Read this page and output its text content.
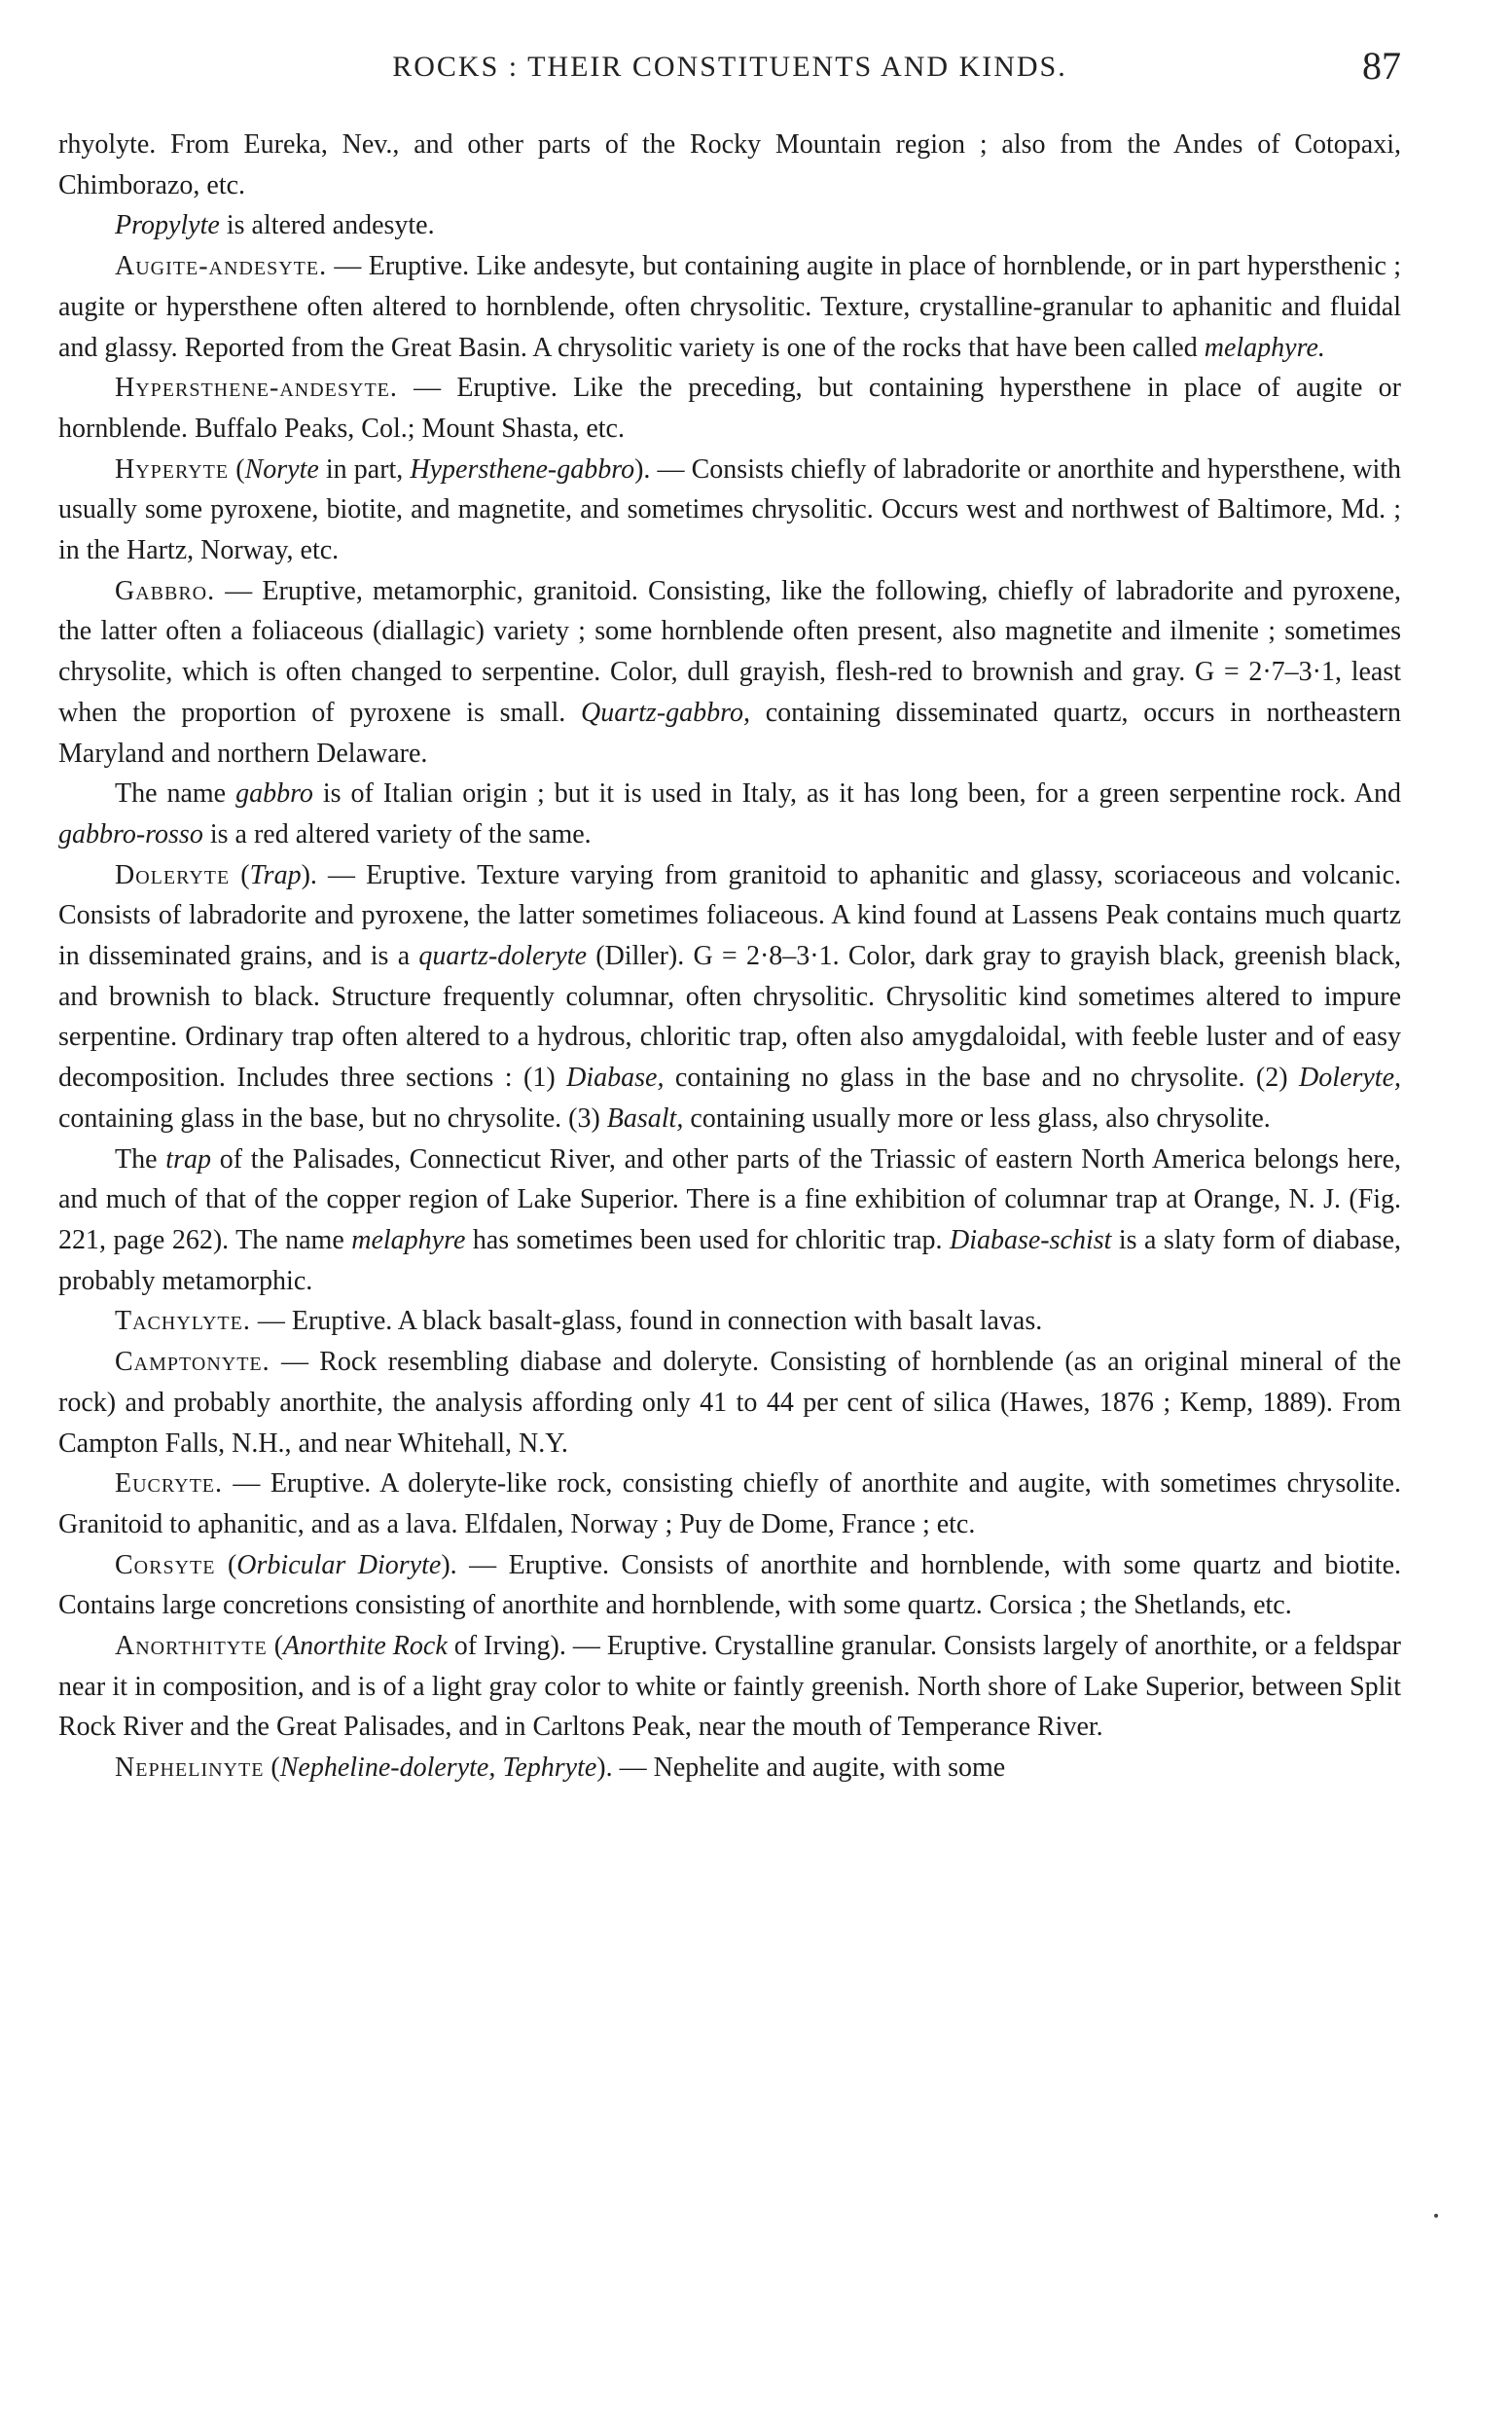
ROCKS : THEIR CONSTITUENTS AND KINDS.	87

rhyolyte. From Eureka, Nev., and other parts of the Rocky Mountain region ; also from the Andes of Cotopaxi, Chimborazo, etc.

Propylyte is altered andesyte.

Augite-andesyte. — Eruptive. Like andesyte, but containing augite in place of hornblende, or in part hypersthenic ; augite or hypersthene often altered to hornblende, often chrysolitic. Texture, crystalline-granular to aphanitic and fluidal and glassy. Reported from the Great Basin. A chrysolitic variety is one of the rocks that have been called melaphyre.

Hypersthene-andesyte. — Eruptive. Like the preceding, but containing hypersthene in place of augite or hornblende. Buffalo Peaks, Col.; Mount Shasta, etc.

Hyperyte (Noryte in part, Hypersthene-gabbro). — Consists chiefly of labradorite or anorthite and hypersthene, with usually some pyroxene, biotite, and magnetite, and sometimes chrysolitic. Occurs west and northwest of Baltimore, Md. ; in the Hartz, Norway, etc.

Gabbro. — Eruptive, metamorphic, granitoid. Consisting, like the following, chiefly of labradorite and pyroxene, the latter often a foliaceous (diallagic) variety ; some hornblende often present, also magnetite and ilmenite ; sometimes chrysolite, which is often changed to serpentine. Color, dull grayish, flesh-red to brownish and gray. G = 2·7–3·1, least when the proportion of pyroxene is small. Quartz-gabbro, containing disseminated quartz, occurs in northeastern Maryland and northern Delaware.

The name gabbro is of Italian origin ; but it is used in Italy, as it has long been, for a green serpentine rock. And gabbro-rosso is a red altered variety of the same.

Doleryte (Trap). — Eruptive. Texture varying from granitoid to aphanitic and glassy, scoriaceous and volcanic. Consists of labradorite and pyroxene, the latter sometimes foliaceous. A kind found at Lassens Peak contains much quartz in disseminated grains, and is a quartz-doleryte (Diller). G = 2·8–3·1. Color, dark gray to grayish black, greenish black, and brownish to black. Structure frequently columnar, often chrysolitic. Chrysolitic kind sometimes altered to impure serpentine. Ordinary trap often altered to a hydrous, chloritic trap, often also amygdaloidal, with feeble luster and of easy decomposition. Includes three sections : (1) Diabase, containing no glass in the base and no chrysolite. (2) Doleryte, containing glass in the base, but no chrysolite. (3) Basalt, containing usually more or less glass, also chrysolite.

The trap of the Palisades, Connecticut River, and other parts of the Triassic of eastern North America belongs here, and much of that of the copper region of Lake Superior. There is a fine exhibition of columnar trap at Orange, N. J. (Fig. 221, page 262). The name melaphyre has sometimes been used for chloritic trap. Diabase-schist is a slaty form of diabase, probably metamorphic.

Tachylyte. — Eruptive. A black basalt-glass, found in connection with basalt lavas.

Camptonyte. — Rock resembling diabase and doleryte. Consisting of hornblende (as an original mineral of the rock) and probably anorthite, the analysis affording only 41 to 44 per cent of silica (Hawes, 1876 ; Kemp, 1889). From Campton Falls, N.H., and near Whitehall, N.Y.

Eucryte. — Eruptive. A doleryte-like rock, consisting chiefly of anorthite and augite, with sometimes chrysolite. Granitoid to aphanitic, and as a lava. Elfdalen, Norway ; Puy de Dome, France ; etc.

Corsyte (Orbicular Dioryte). — Eruptive. Consists of anorthite and hornblende, with some quartz and biotite. Contains large concretions consisting of anorthite and hornblende, with some quartz. Corsica ; the Shetlands, etc.

Anorthityte (Anorthite Rock of Irving). — Eruptive. Crystalline granular. Consists largely of anorthite, or a feldspar near it in composition, and is of a light gray color to white or faintly greenish. North shore of Lake Superior, between Split Rock River and the Great Palisades, and in Carltons Peak, near the mouth of Temperance River.

Nephelinyte (Nepheline-doleryte, Tephryte). — Nephelite and augite, with some
